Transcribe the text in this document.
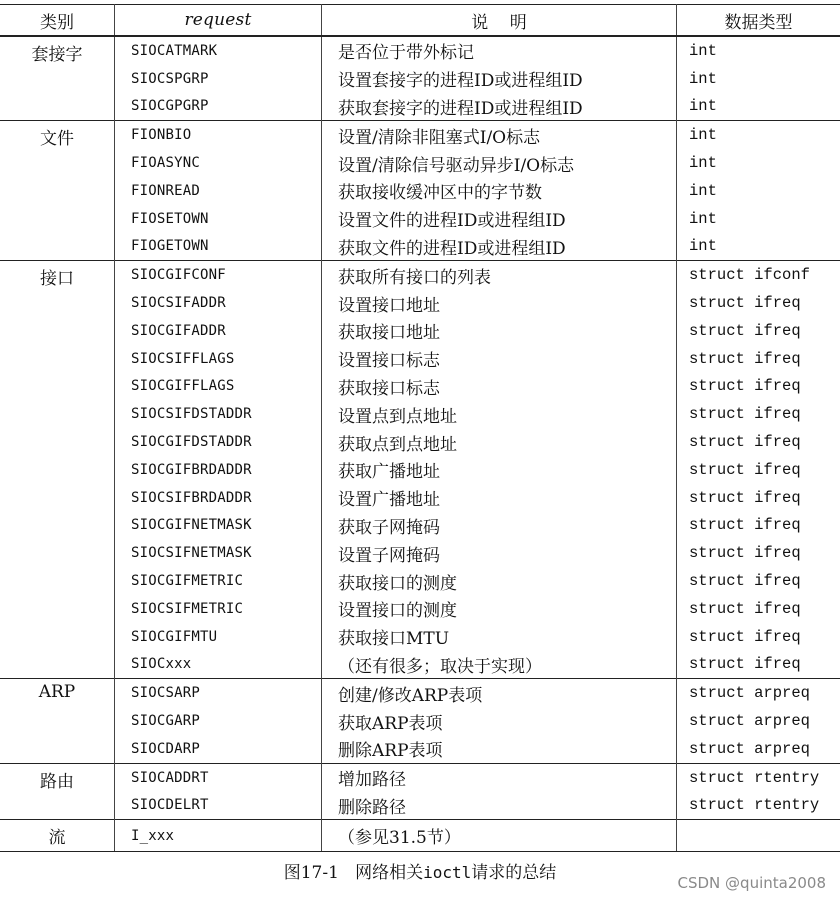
类别	request	说    明	数据类型
套接字	SIOCATMARK	是否位于带外标记	int
	SIOCSPGRP	设置套接字的进程ID或进程组ID	int
	SIOCGPGRP	获取套接字的进程ID或进程组ID	int
文件	FIONBIO	设置/清除非阻塞式I/O标志	int
	FIOASYNC	设置/清除信号驱动异步I/O标志	int
	FIONREAD	获取接收缓冲区中的字节数	int
	FIOSETOWN	设置文件的进程ID或进程组ID	int
	FIOGETOWN	获取文件的进程ID或进程组ID	int
接口	SIOCGIFCONF	获取所有接口的列表	struct ifconf
	SIOCSIFADDR	设置接口地址	struct ifreq
	SIOCGIFADDR	获取接口地址	struct ifreq
	SIOCSIFFLAGS	设置接口标志	struct ifreq
	SIOCGIFFLAGS	获取接口标志	struct ifreq
	SIOCSIFDSTADDR	设置点到点地址	struct ifreq
	SIOCGIFDSTADDR	获取点到点地址	struct ifreq
	SIOCGIFBRDADDR	获取广播地址	struct ifreq
	SIOCSIFBRDADDR	设置广播地址	struct ifreq
	SIOCGIFNETMASK	获取子网掩码	struct ifreq
	SIOCSIFNETMASK	设置子网掩码	struct ifreq
	SIOCGIFMETRIC	获取接口的测度	struct ifreq
	SIOCSIFMETRIC	设置接口的测度	struct ifreq
	SIOCGIFMTU	获取接口MTU	struct ifreq
	SIOCxxx	（还有很多；取决于实现）	struct ifreq
ARP	SIOCSARP	创建/修改ARP表项	struct arpreq
	SIOCGARP	获取ARP表项	struct arpreq
	SIOCDARP	删除ARP表项	struct arpreq
路由	SIOCADDRT	增加路径	struct rtentry
	SIOCDELRT	删除路径	struct rtentry
流	I_xxx	（参见31.5节）	
图17-1 网络相关ioctl请求的总结	CSDN @quinta2008
